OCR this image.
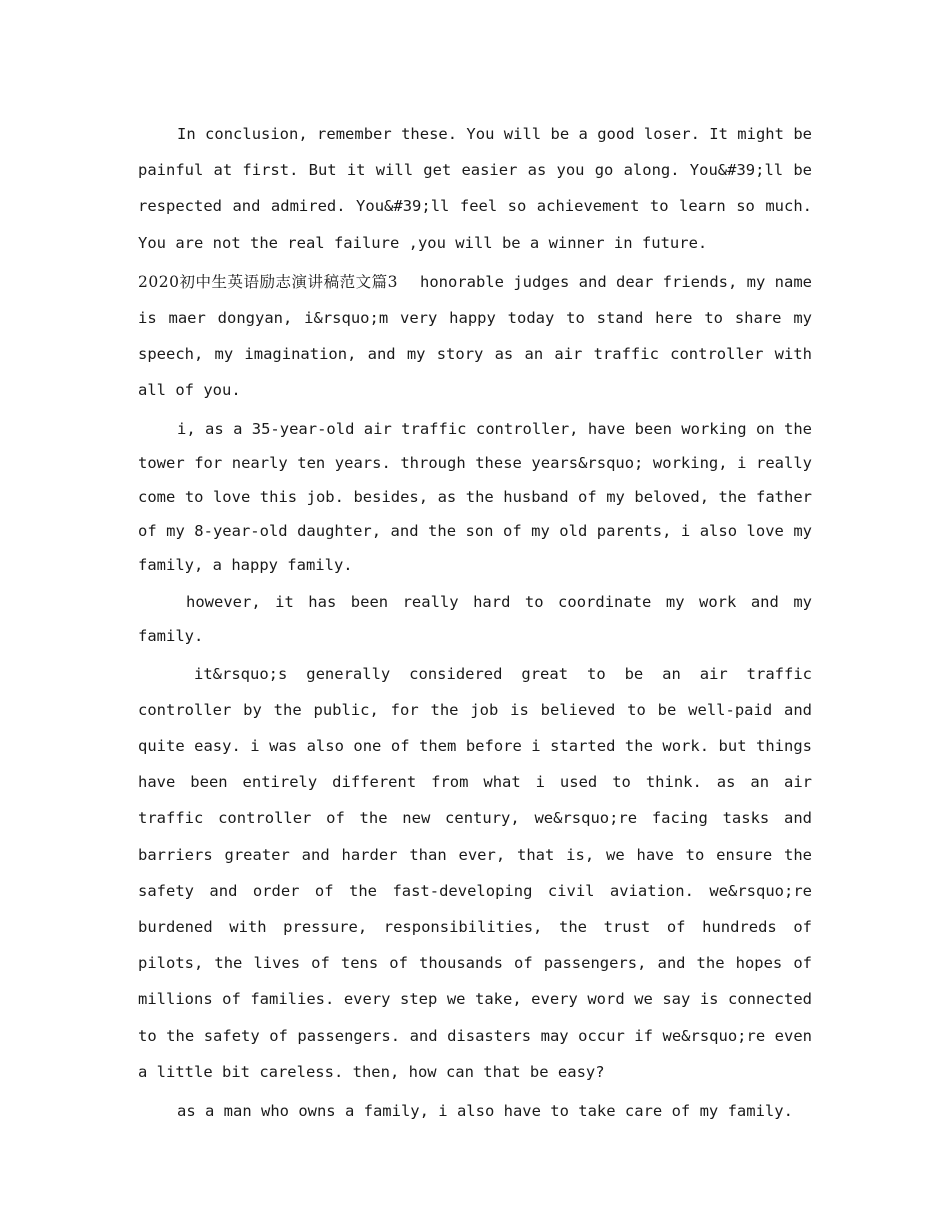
In conclusion, remember these. You will be a good loser. It might be painful at first. But it will get easier as you go along. You&#39;ll be respected and admired. You&#39;ll feel so achievement to learn so much. You are not the real failure ,you will be a winner in future.

2020初中生英语励志演讲稿范文篇3 honorable judges and dear friends, my name is maer dongyan, i&rsquo;m very happy today to stand here to share my speech, my imagination, and my story as an air traffic controller with all of you.

i, as a 35-year-old air traffic controller, have been working on the tower for nearly ten years. through these years&rsquo; working, i really come to love this job. besides, as the husband of my beloved, the father of my 8-year-old daughter, and the son of my old parents, i also love my family, a happy family.

however, it has been really hard to coordinate my work and my family.

it&rsquo;s generally considered great to be an air traffic controller by the public, for the job is believed to be well-paid and quite easy. i was also one of them before i started the work. but things have been entirely different from what i used to think. as an air traffic controller of the new century, we&rsquo;re facing tasks and barriers greater and harder than ever, that is, we have to ensure the safety and order of the fast-developing civil aviation. we&rsquo;re burdened with pressure, responsibilities, the trust of hundreds of pilots, the lives of tens of thousands of passengers, and the hopes of millions of families. every step we take, every word we say is connected to the safety of passengers. and disasters may occur if we&rsquo;re even a little bit careless. then, how can that be easy?

as a man who owns a family, i also have to take care of my family.
